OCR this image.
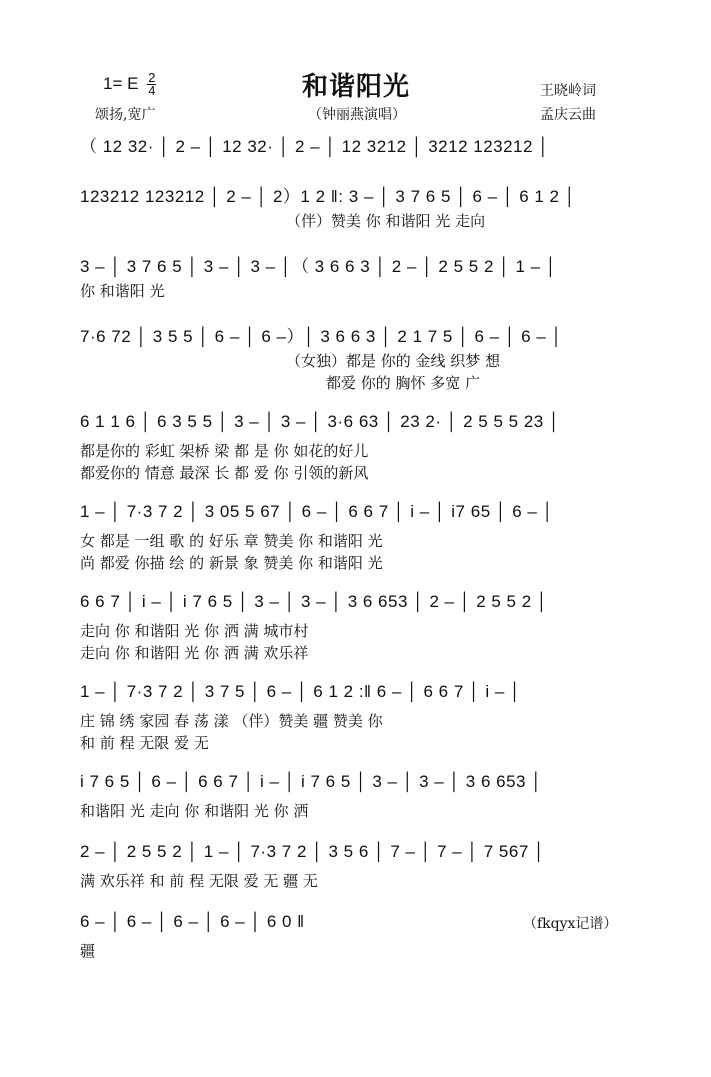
1= E $\frac{2}{4}$	和谐阳光	王晓岭词
颂扬,宽广	（钟丽燕演唱）	孟庆云曲
（ 12 32· │ 2 – │ 12 32· │ 2 – │ 12 3212 │ 3212 123212 │
123212 123212 │ 2 – │ 2）1 2 ‖: 3 – │ 3 7 6 5 │ 6 – │ 6 1 2 │
（伴）赞美 你 和谐阳 光 走向
3 – │ 3 7 6 5 │ 3 – │ 3 – │（ 3 6 6 3 │ 2 – │ 2 5 5 2 │ 1 – │
你 和谐阳 光
7·6 72 │ 3 5 5 │ 6 – │ 6 –）│ 3 6 6 3 │ 2 1 7 5 │ 6 – │ 6 – │
（女独）都是 你的 金线 织梦 想
都爱 你的 胸怀 多宽 广
6 1 1 6 │ 6 3 5 5 │ 3 – │ 3 – │ 3·6 63 │ 23 2· │ 2 5 5 5 23 │
都是你的 彩虹 架桥 梁 都 是 你 如花的好儿
都爱你的 情意 最深 长 都 爱 你 引领的新风
1 – │ 7·3 7 2 │ 3 05 5 67 │ 6 – │ 6 6 7 │ i – │ i7 65 │ 6 – │
女 都是 一组 歌 的 好乐 章 赞美 你 和谐阳 光
尚 都爱 你描 绘 的 新景 象 赞美 你 和谐阳 光
6 6 7 │ i – │ i 7 6 5 │ 3 – │ 3 – │ 3 6 653 │ 2 – │ 2 5 5 2 │
走向 你 和谐阳 光 你 洒 满 城市村
走向 你 和谐阳 光 你 洒 满 欢乐祥
1 – │ 7·3 7 2 │ 3 7 5 │ 6 – │ 6 1 2 :‖ 6 – │ 6 6 7 │ i – │
庄 锦 绣 家园 春 荡 漾 （伴）赞美 疆 赞美 你
和 前 程 无限 爱 无
i 7 6 5 │ 6 – │ 6 6 7 │ i – │ i 7 6 5 │ 3 – │ 3 – │ 3 6 653 │
和谐阳 光 走向 你 和谐阳 光 你 洒
2 – │ 2 5 5 2 │ 1 – │ 7·3 7 2 │ 3 5 6 │ 7 – │ 7 – │ 7 567 │
满 欢乐祥 和 前 程 无限 爱 无 疆 无
6 – │ 6 – │ 6 – │ 6 – │ 6 0 ‖
疆
（fkqyx记谱）
